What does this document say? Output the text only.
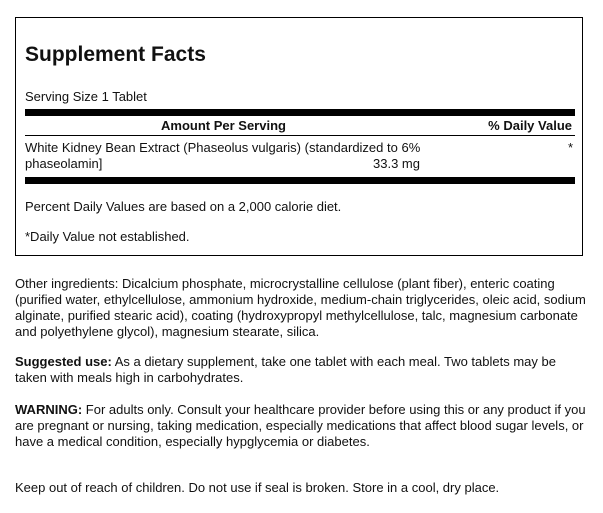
Supplement Facts
Serving Size 1 Tablet
Amount Per Serving	% Daily Value
White Kidney Bean Extract (Phaseolus vulgaris) (standardized to 6% phaseolamin]	33.3 mg
*
Percent Daily Values are based on a 2,000 calorie diet.
*Daily Value not established.

Other ingredients: Dicalcium phosphate, microcrystalline cellulose (plant fiber), enteric coating (purified water, ethylcellulose, ammonium hydroxide, medium-chain triglycerides, oleic acid, sodium alginate, purified stearic acid), coating (hydroxypropyl methylcellulose, talc, magnesium carbonate and polyethylene glycol), magnesium stearate, silica.

Suggested use: As a dietary supplement, take one tablet with each meal. Two tablets may be taken with meals high in carbohydrates.

WARNING: For adults only. Consult your healthcare provider before using this or any product if you are pregnant or nursing, taking medication, especially medications that affect blood sugar levels, or have a medical condition, especially hypglycemia or diabetes.

Keep out of reach of children. Do not use if seal is broken. Store in a cool, dry place.
